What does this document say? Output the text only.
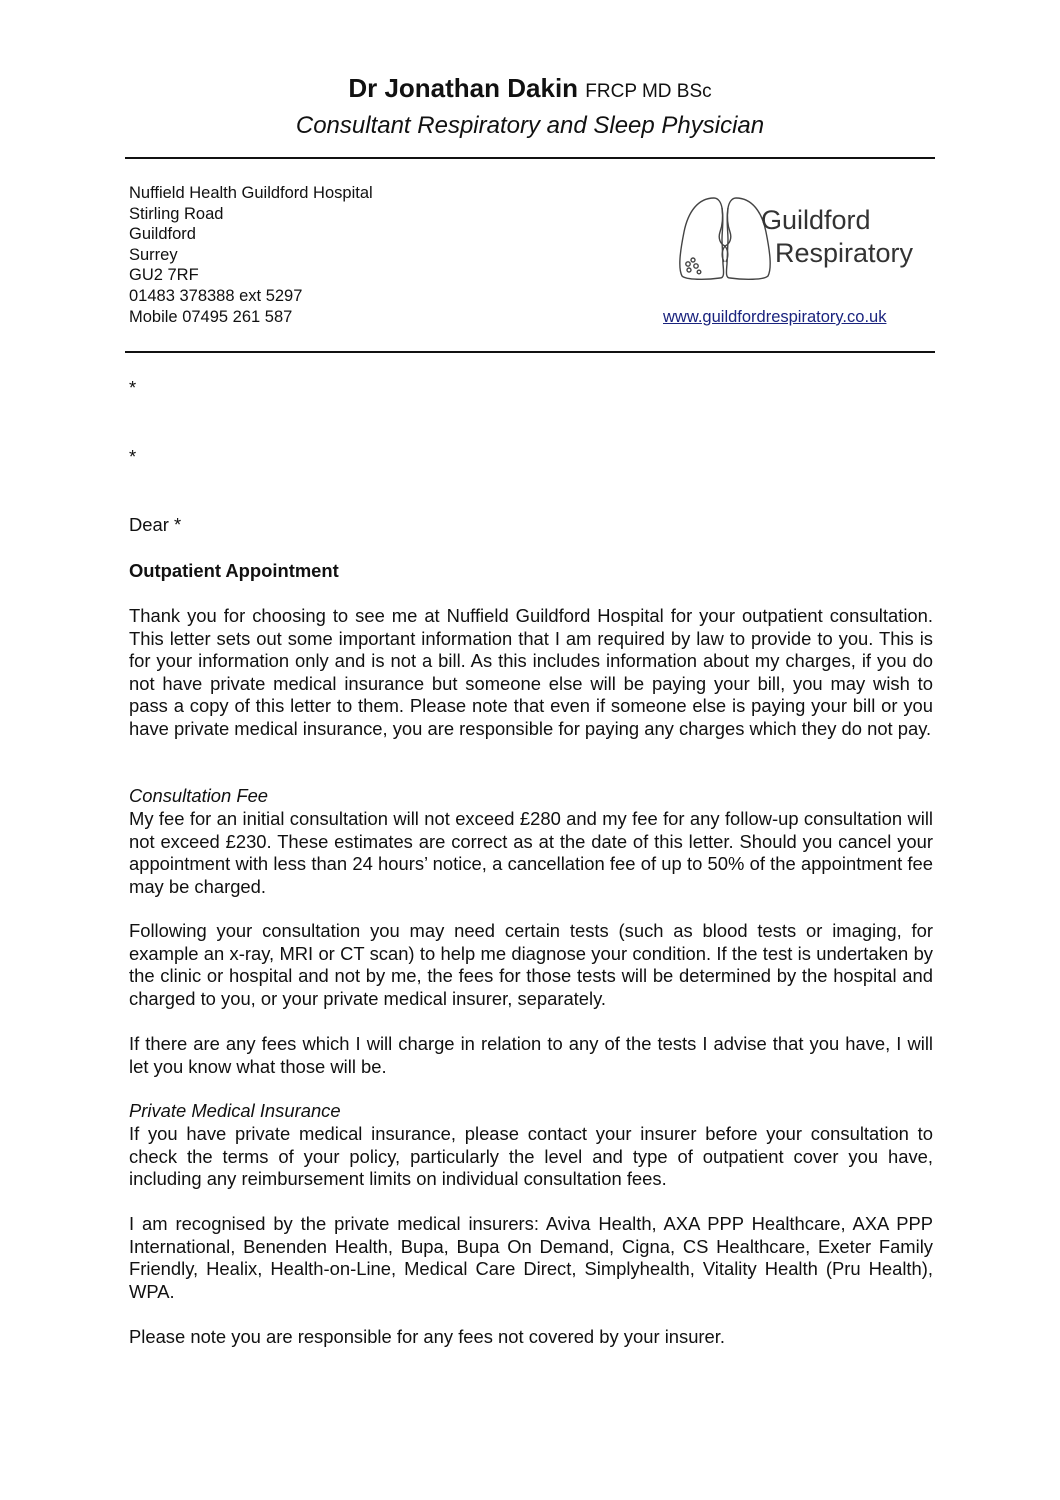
Dr Jonathan Dakin FRCP MD BSc
Consultant Respiratory and Sleep Physician
Nuffield Health Guildford Hospital
Stirling Road
Guildford
Surrey
GU2 7RF
01483 378388 ext 5297
Mobile 07495 261 587
Guildford
Respiratory
www.guildfordrespiratory.co.uk
*
*
Dear *
Outpatient Appointment
Thank you for choosing to see me at Nuffield Guildford Hospital for your outpatient consultation. This letter sets out some important information that I am required by law to provide to you. This is for your information only and is not a bill. As this includes information about my charges, if you do not have private medical insurance but someone else will be paying your bill, you may wish to pass a copy of this letter to them. Please note that even if someone else is paying your bill or you have private medical insurance, you are responsible for paying any charges which they do not pay.
Consultation Fee
My fee for an initial consultation will not exceed £280 and my fee for any follow-up consultation will not exceed £230. These estimates are correct as at the date of this letter. Should you cancel your appointment with less than 24 hours’ notice, a cancellation fee of up to 50% of the appointment fee may be charged.
Following your consultation you may need certain tests (such as blood tests or imaging, for example an x-ray, MRI or CT scan) to help me diagnose your condition. If the test is undertaken by the clinic or hospital and not by me, the fees for those tests will be determined by the hospital and charged to you, or your private medical insurer, separately.
If there are any fees which I will charge in relation to any of the tests I advise that you have, I will let you know what those will be.
Private Medical Insurance
If you have private medical insurance, please contact your insurer before your consultation to check the terms of your policy, particularly the level and type of outpatient cover you have, including any reimbursement limits on individual consultation fees.
I am recognised by the private medical insurers: Aviva Health, AXA PPP Healthcare, AXA PPP International, Benenden Health, Bupa, Bupa On Demand, Cigna, CS Healthcare, Exeter Family Friendly, Healix, Health-on-Line, Medical Care Direct, Simplyhealth, Vitality Health (Pru Health), WPA.
Please note you are responsible for any fees not covered by your insurer.
